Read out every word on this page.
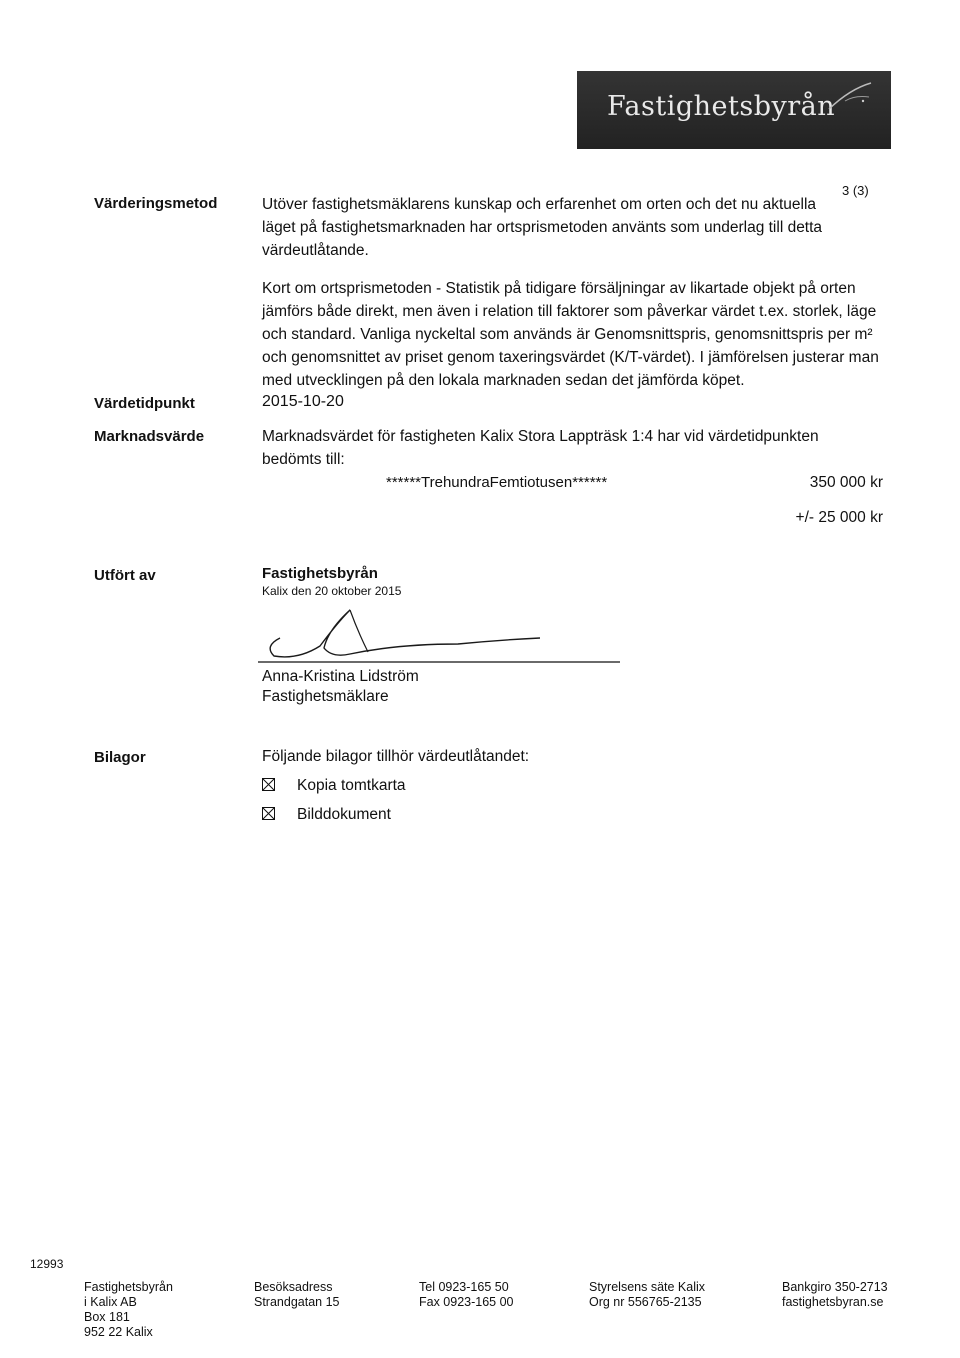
Fastighetsbyrån
3 (3)
Värderingsmetod	Utöver fastighetsmäklarens kunskap och erfarenhet om orten och det nu aktuella läget på fastighetsmarknaden har ortsprismetoden använts som underlag till detta värdeutlåtande.
Kort om ortsprismetoden - Statistik på tidigare försäljningar av likartade objekt på orten jämförs både direkt, men även i relation till faktorer som påverkar värdet t.ex. storlek, läge och standard. Vanliga nyckeltal som används är Genomsnittspris, genomsnittspris per m² och genomsnittet av priset genom taxeringsvärdet (K/T-värdet). I jämförelsen justerar man med utvecklingen på den lokala marknaden sedan det jämförda köpet.
Värdetidpunkt	2015-10-20
Marknadsvärde	Marknadsvärdet för fastigheten Kalix Stora Lappträsk 1:4 har vid värdetidpunkten bedömts till:
******TrehundraFemtiotusen******	350 000 kr
+/- 25 000 kr
Utfört av	Fastighetsbyrån
Kalix den 20 oktober 2015
Anna-Kristina Lidström
Fastighetsmäklare
Bilagor	Följande bilagor tillhör värdeutlåtandet:
Kopia tomtkarta
Bilddokument
12993
Fastighetsbyrån
i Kalix AB
Box 181
952 22 Kalix
Besöksadress
Strandgatan 15
Tel 0923-165 50
Fax 0923-165 00
Styrelsens säte Kalix
Org nr 556765-2135
Bankgiro 350-2713
fastighetsbyran.se
